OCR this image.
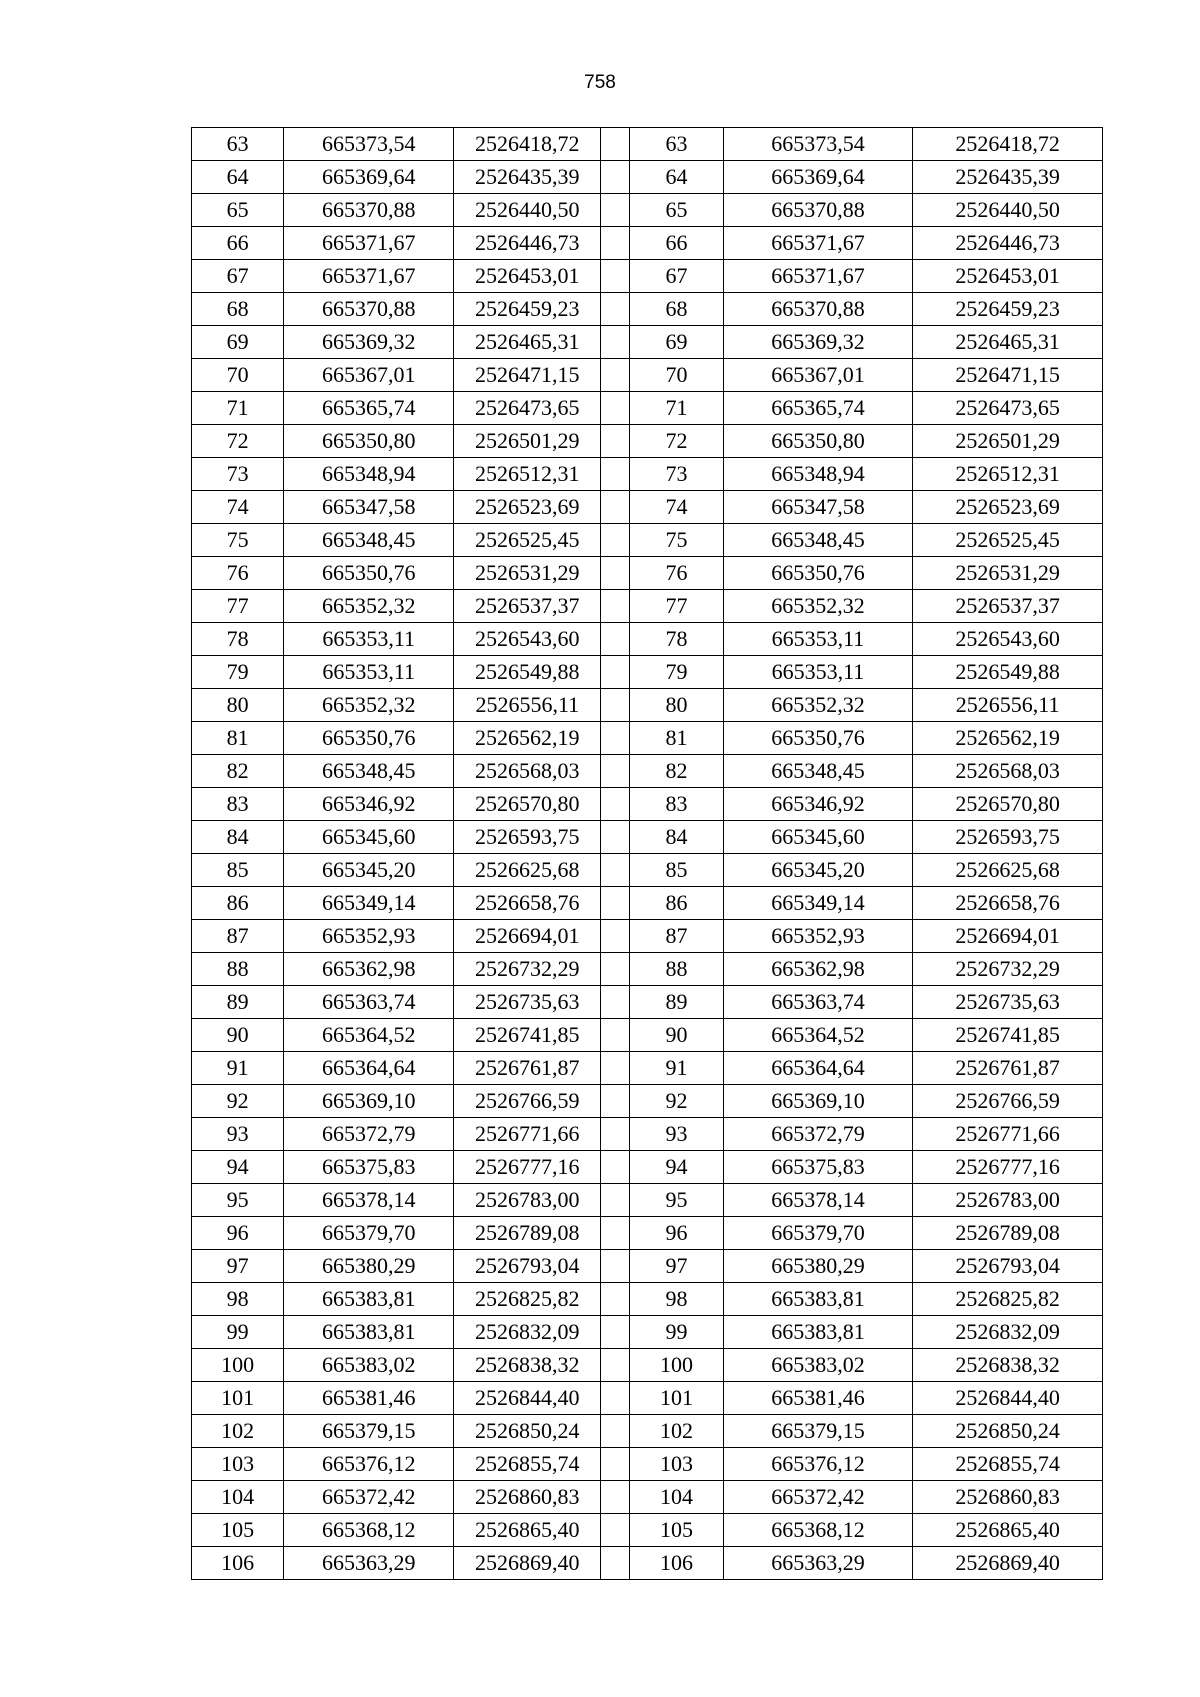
758
63	665373,54	2526418,72		63	665373,54	2526418,72
64	665369,64	2526435,39		64	665369,64	2526435,39
65	665370,88	2526440,50		65	665370,88	2526440,50
66	665371,67	2526446,73		66	665371,67	2526446,73
67	665371,67	2526453,01		67	665371,67	2526453,01
68	665370,88	2526459,23		68	665370,88	2526459,23
69	665369,32	2526465,31		69	665369,32	2526465,31
70	665367,01	2526471,15		70	665367,01	2526471,15
71	665365,74	2526473,65		71	665365,74	2526473,65
72	665350,80	2526501,29		72	665350,80	2526501,29
73	665348,94	2526512,31		73	665348,94	2526512,31
74	665347,58	2526523,69		74	665347,58	2526523,69
75	665348,45	2526525,45		75	665348,45	2526525,45
76	665350,76	2526531,29		76	665350,76	2526531,29
77	665352,32	2526537,37		77	665352,32	2526537,37
78	665353,11	2526543,60		78	665353,11	2526543,60
79	665353,11	2526549,88		79	665353,11	2526549,88
80	665352,32	2526556,11		80	665352,32	2526556,11
81	665350,76	2526562,19		81	665350,76	2526562,19
82	665348,45	2526568,03		82	665348,45	2526568,03
83	665346,92	2526570,80		83	665346,92	2526570,80
84	665345,60	2526593,75		84	665345,60	2526593,75
85	665345,20	2526625,68		85	665345,20	2526625,68
86	665349,14	2526658,76		86	665349,14	2526658,76
87	665352,93	2526694,01		87	665352,93	2526694,01
88	665362,98	2526732,29		88	665362,98	2526732,29
89	665363,74	2526735,63		89	665363,74	2526735,63
90	665364,52	2526741,85		90	665364,52	2526741,85
91	665364,64	2526761,87		91	665364,64	2526761,87
92	665369,10	2526766,59		92	665369,10	2526766,59
93	665372,79	2526771,66		93	665372,79	2526771,66
94	665375,83	2526777,16		94	665375,83	2526777,16
95	665378,14	2526783,00		95	665378,14	2526783,00
96	665379,70	2526789,08		96	665379,70	2526789,08
97	665380,29	2526793,04		97	665380,29	2526793,04
98	665383,81	2526825,82		98	665383,81	2526825,82
99	665383,81	2526832,09		99	665383,81	2526832,09
100	665383,02	2526838,32		100	665383,02	2526838,32
101	665381,46	2526844,40		101	665381,46	2526844,40
102	665379,15	2526850,24		102	665379,15	2526850,24
103	665376,12	2526855,74		103	665376,12	2526855,74
104	665372,42	2526860,83		104	665372,42	2526860,83
105	665368,12	2526865,40		105	665368,12	2526865,40
106	665363,29	2526869,40		106	665363,29	2526869,40
